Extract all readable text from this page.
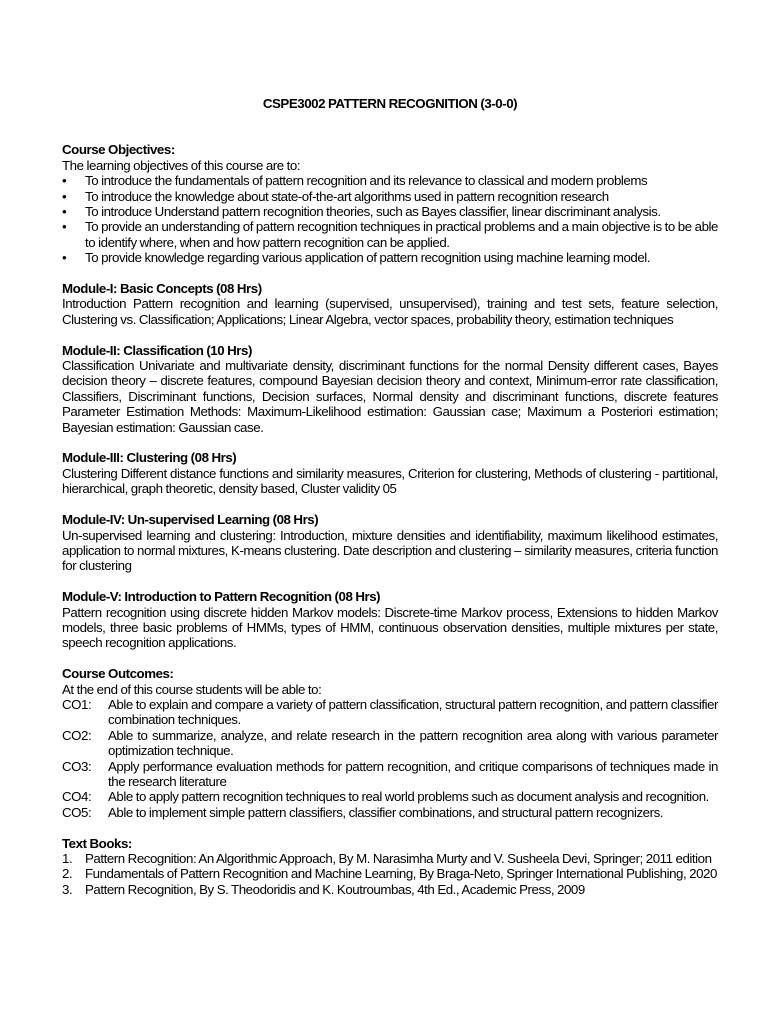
CSPE3002 PATTERN RECOGNITION (3-0-0)
Course Objectives:
The learning objectives of this course are to:
•	To introduce the fundamentals of pattern recognition and its relevance to classical and modern problems
•	To introduce the knowledge about state-of-the-art algorithms used in pattern recognition research
•	To introduce Understand pattern recognition theories, such as Bayes classifier, linear discriminant analysis.
•	To provide an understanding of pattern recognition techniques in practical problems and a main objective is to be able to identify where, when and how pattern recognition can be applied.
•	To provide knowledge regarding various application of pattern recognition using machine learning model.
Module-I: Basic Concepts (08 Hrs)
Introduction Pattern recognition and learning (supervised, unsupervised), training and test sets, feature selection, Clustering vs. Classification; Applications; Linear Algebra, vector spaces, probability theory, estimation techniques
Module-II: Classification (10 Hrs)
Classification Univariate and multivariate density, discriminant functions for the normal Density different cases, Bayes decision theory – discrete features, compound Bayesian decision theory and context, Minimum-error rate classification, Classifiers, Discriminant functions, Decision surfaces, Normal density and discriminant functions, discrete features Parameter Estimation Methods: Maximum-Likelihood estimation: Gaussian case; Maximum a Posteriori estimation; Bayesian estimation: Gaussian case.
Module-III: Clustering (08 Hrs)
Clustering Different distance functions and similarity measures, Criterion for clustering, Methods of clustering - partitional, hierarchical, graph theoretic, density based, Cluster validity 05
Module-IV: Un-supervised Learning (08 Hrs)
Un-supervised learning and clustering: Introduction, mixture densities and identifiability, maximum likelihood estimates, application to normal mixtures, K-means clustering. Date description and clustering – similarity measures, criteria function for clustering
Module-V: Introduction to Pattern Recognition (08 Hrs)
Pattern recognition using discrete hidden Markov models: Discrete-time Markov process, Extensions to hidden Markov models, three basic problems of HMMs, types of HMM, continuous observation densities, multiple mixtures per state, speech recognition applications.
Course Outcomes:
At the end of this course students will be able to:
CO1:	Able to explain and compare a variety of pattern classification, structural pattern recognition, and pattern classifier combination techniques.
CO2:	Able to summarize, analyze, and relate research in the pattern recognition area along with various parameter optimization technique.
CO3:	Apply performance evaluation methods for pattern recognition, and critique comparisons of techniques made in the research literature
CO4:	Able to apply pattern recognition techniques to real world problems such as document analysis and recognition.
CO5:	Able to implement simple pattern classifiers, classifier combinations, and structural pattern recognizers.
Text Books:
1. Pattern Recognition: An Algorithmic Approach, By M. Narasimha Murty and V. Susheela Devi, Springer; 2011 edition
2. Fundamentals of Pattern Recognition and Machine Learning, By Braga-Neto, Springer International Publishing, 2020
3. Pattern Recognition, By S. Theodoridis and K. Koutroumbas, 4th Ed., Academic Press, 2009
